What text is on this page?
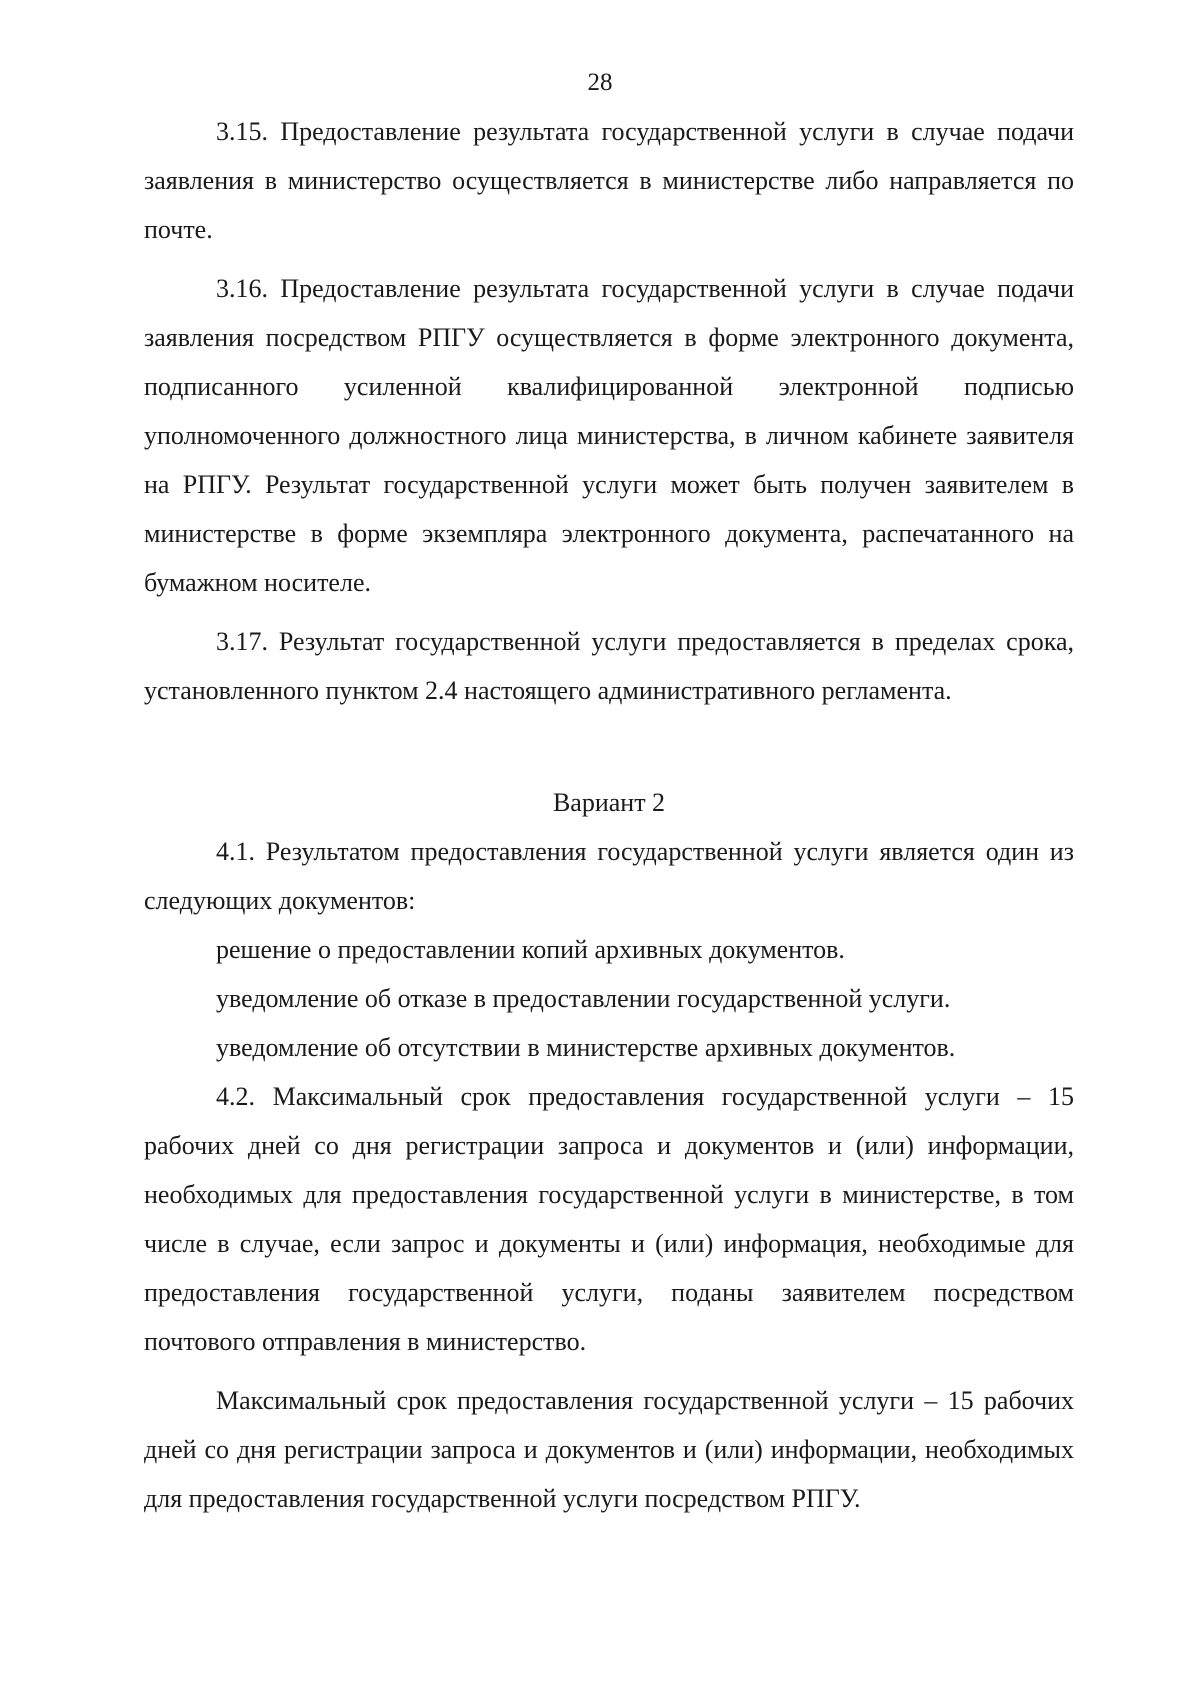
28

3.15. Предоставление результата государственной услуги в случае подачи заявления в министерство осуществляется в министерстве либо направляется по почте.

3.16. Предоставление результата государственной услуги в случае подачи заявления посредством РПГУ осуществляется в форме электронного документа, подписанного усиленной квалифицированной электронной подписью уполномоченного должностного лица министерства, в личном кабинете заявителя на РПГУ. Результат государственной услуги может быть получен заявителем в министерстве в форме экземпляра электронного документа, распечатанного на бумажном носителе.

3.17. Результат государственной услуги предоставляется в пределах срока, установленного пунктом 2.4 настоящего административного регламента.

Вариант 2

4.1. Результатом предоставления государственной услуги является один из следующих документов:

решение о предоставлении копий архивных документов.

уведомление об отказе в предоставлении государственной услуги.

уведомление об отсутствии в министерстве архивных документов.

4.2. Максимальный срок предоставления государственной услуги – 15 рабочих дней со дня регистрации запроса и документов и (или) информации, необходимых для предоставления государственной услуги в министерстве, в том числе в случае, если запрос и документы и (или) информация, необходимые для предоставления государственной услуги, поданы заявителем посредством почтового отправления в министерство.

Максимальный срок предоставления государственной услуги – 15 рабочих дней со дня регистрации запроса и документов и (или) информации, необходимых для предоставления государственной услуги посредством РПГУ.
